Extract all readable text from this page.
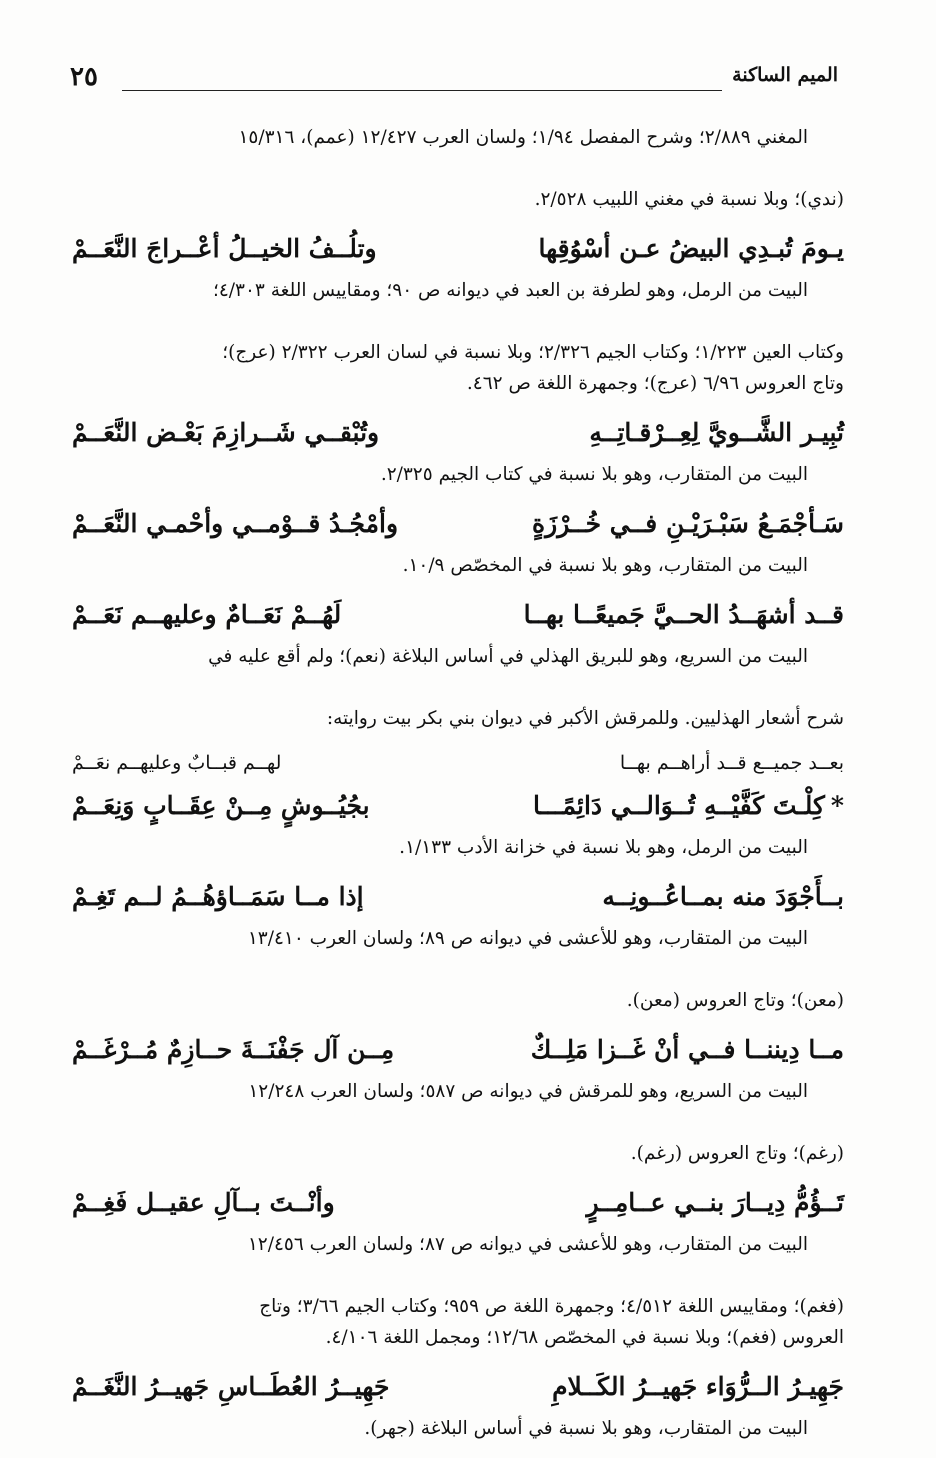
٢٥	الميم الساكنة
المغني ٢/٨٨٩؛ وشرح المفصل ١/٩٤؛ ولسان العرب ١٢/٤٢٧ (عمم)، ١٥/٣١٦

(ندي)؛ وبلا نسبة في مغني اللبيب ٢/٥٢٨.
يـومَ تُبـدِي البيضُ عـن أسْوُقِها
وتلُــفُ الخيــلُ أعْــراجَ النَّعَــمْ
البيت من الرمل، وهو لطرفة بن العبد في ديوانه ص ٩٠؛ ومقاييس اللغة ٤/٣٠٣؛

وكتاب العين ١/٢٢٣؛ وكتاب الجيم ٢/٣٢٦؛ وبلا نسبة في لسان العرب ٢/٣٢٢ (عرج)؛
وتاج العروس ٦/٩٦ (عرج)؛ وجمهرة اللغة ص ٤٦٢.
تُبِيـر الشَّــويَّ لِعِــرْقـاتِــهِ
وتُبْقــي شَــرازِمَ بَعْـض النَّعَــمْ
البيت من المتقارب، وهو بلا نسبة في كتاب الجيم ٢/٣٢٥.
سَـأجْمَـعُ سَبْـرَيْـنِ فــي خُــرْزَةٍ
وأمْجُـدُ قــوْمــي وأحْمـي النَّعَــمْ
البيت من المتقارب، وهو بلا نسبة في المخصّص ١٠/٩.
قــد أشهَــدُ الحــيَّ جَميعًــا بهــا
لَهُــمْ نَعَــامٌ وعليهــم نَعَــمْ
البيت من السريع، وهو للبريق الهذلي في أساس البلاغة (نعم)؛ ولم أقع عليه في

شرح أشعار الهذليين. وللمرقش الأكبر في ديوان بني بكر بيت روايته:
بعــد جميــع قــد أراهــم بهــا
لهــم قبــابٌ وعليهــم نعَــمْ
*كِلْـتَ كَفَّيْــهِ تُــوَالــي دَائِمًـــا
بجُيُــوشٍ مِــنْ عِقَــابٍ وَنِعَــمْ
البيت من الرمل، وهو بلا نسبة في خزانة الأدب ١/١٣٣.
بــأَجْوَدَ منه بمــاعُــونِــه
إذا مــا سَمَــاؤهُــمُ لــم تَغِـمْ
البيت من المتقارب، وهو للأعشى في ديوانه ص ٨٩؛ ولسان العرب ١٣/٤١٠

(معن)؛ وتاج العروس (معن).
مــا دِيننــا فــي أنْ غَــزا مَلِــكٌ
مِــن آل جَفْنَــةَ حــازِمٌ مُــرْغَــمْ
البيت من السريع، وهو للمرقش في ديوانه ص ٥٨٧؛ ولسان العرب ١٢/٢٤٨

(رغم)؛ وتاج العروس (رغم).
تَــؤُمُّ دِيــارَ بنــي عــامِــرٍ
وأنْــتَ بــآلِ عقيــل فَغِــمْ
البيت من المتقارب، وهو للأعشى في ديوانه ص ٨٧؛ ولسان العرب ١٢/٤٥٦

(فغم)؛ ومقاييس اللغة ٤/٥١٢؛ وجمهرة اللغة ص ٩٥٩؛ وكتاب الجيم ٣/٦٦؛ وتاج
العروس (فغم)؛ وبلا نسبة في المخصّص ١٢/٦٨؛ ومجمل اللغة ٤/١٠٦.
جَهِيـرُ الــرُّوَاء جَهيــرُ الكَــلامِ
جَهِيــرُ العُطَــاسِ جَهيــرُ النَّغَــمْ
البيت من المتقارب، وهو بلا نسبة في أساس البلاغة (جهر).
